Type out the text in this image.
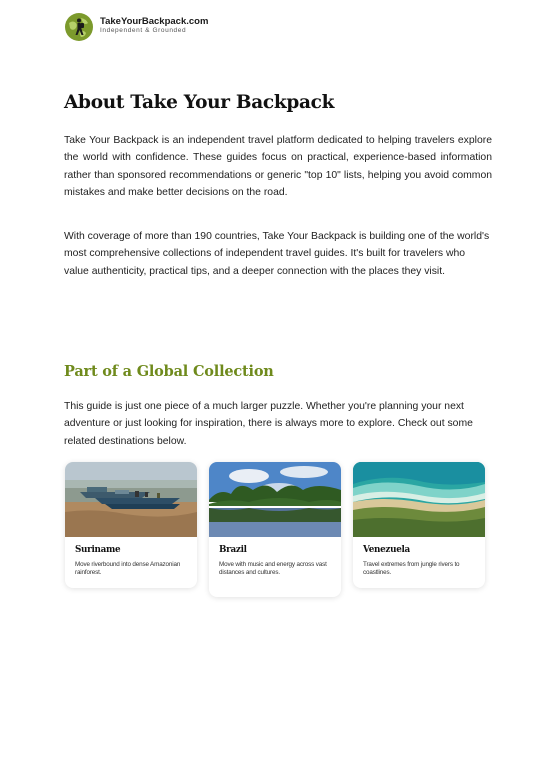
TakeYourBackpack.com
Independent & Grounded
About Take Your Backpack

Take Your Backpack is an independent travel platform dedicated to helping travelers explore the world with confidence. These guides focus on practical, experience-based information rather than sponsored recommendations or generic "top 10" lists, helping you avoid common mistakes and make better decisions on the road.

With coverage of more than 190 countries, Take Your Backpack is building one of the world's most comprehensive collections of independent travel guides. It's built for travelers who value authenticity, practical tips, and a deeper connection with the places they visit.

Part of a Global Collection

This guide is just one piece of a much larger puzzle. Whether you're planning your next adventure or just looking for inspiration, there is always more to explore. Check out some related destinations below.

Suriname
Move riverbound into dense Amazonian rainforest.
Brazil
Move with music and energy across vast distances and cultures.
Venezuela
Travel extremes from jungle rivers to coastlines.
